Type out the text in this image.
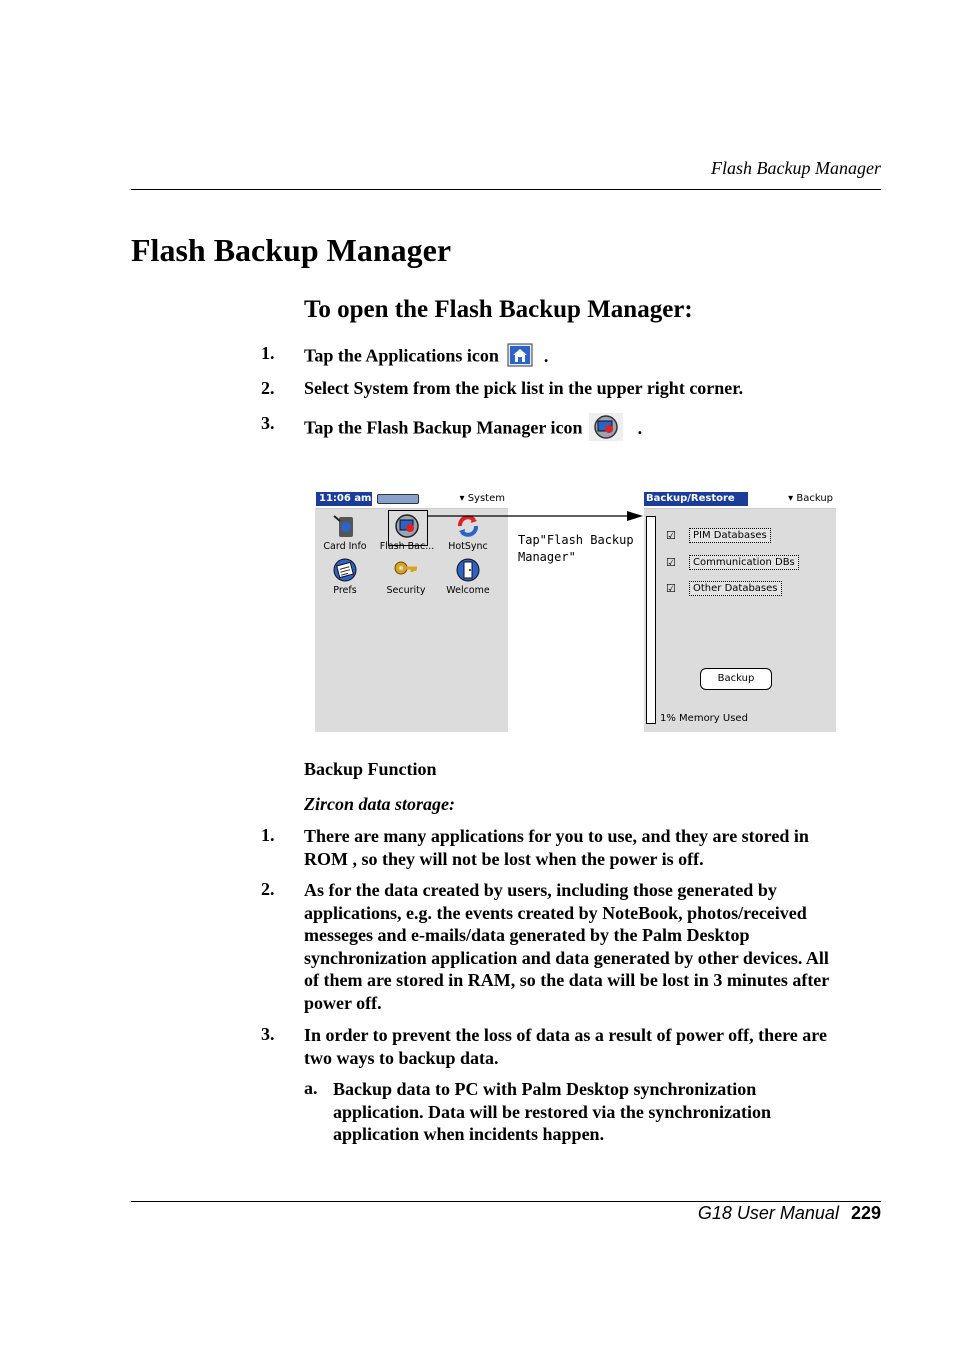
Flash Backup Manager
Flash Backup Manager
To open the Flash Backup Manager:
1. Tap the Applications icon	.
2. Select System from the pick list in the upper right corner.
3. Tap the Flash Backup Manager icon	.
11:06 am	▾ System
Card Info	Flash Bac...	HotSync
Prefs	Security	Welcome
Tap"Flash Backup
Manager"
Backup/Restore	▾ Backup
☑	PIM Databases
☑	Communication DBs
☑	Other Databases
Backup
1% Memory Used
Backup Function
Zircon data storage:
1. There are many applications for you to use, and they are stored in
ROM , so they will not be lost when the power is off.
2. As for the data created by users, including those generated by
applications, e.g. the events created by NoteBook, photos/received
messeges and e-mails/data generated by the Palm Desktop
synchronization application and data generated by other devices. All
of them are stored in RAM, so the data will be lost in 3 minutes after
power off.
3. In order to prevent the loss of data as a result of power off, there are
two ways to backup data.
a. Backup data to PC with Palm Desktop synchronization
application. Data will be restored via the synchronization
application when incidents happen.
G18 User Manual 229
